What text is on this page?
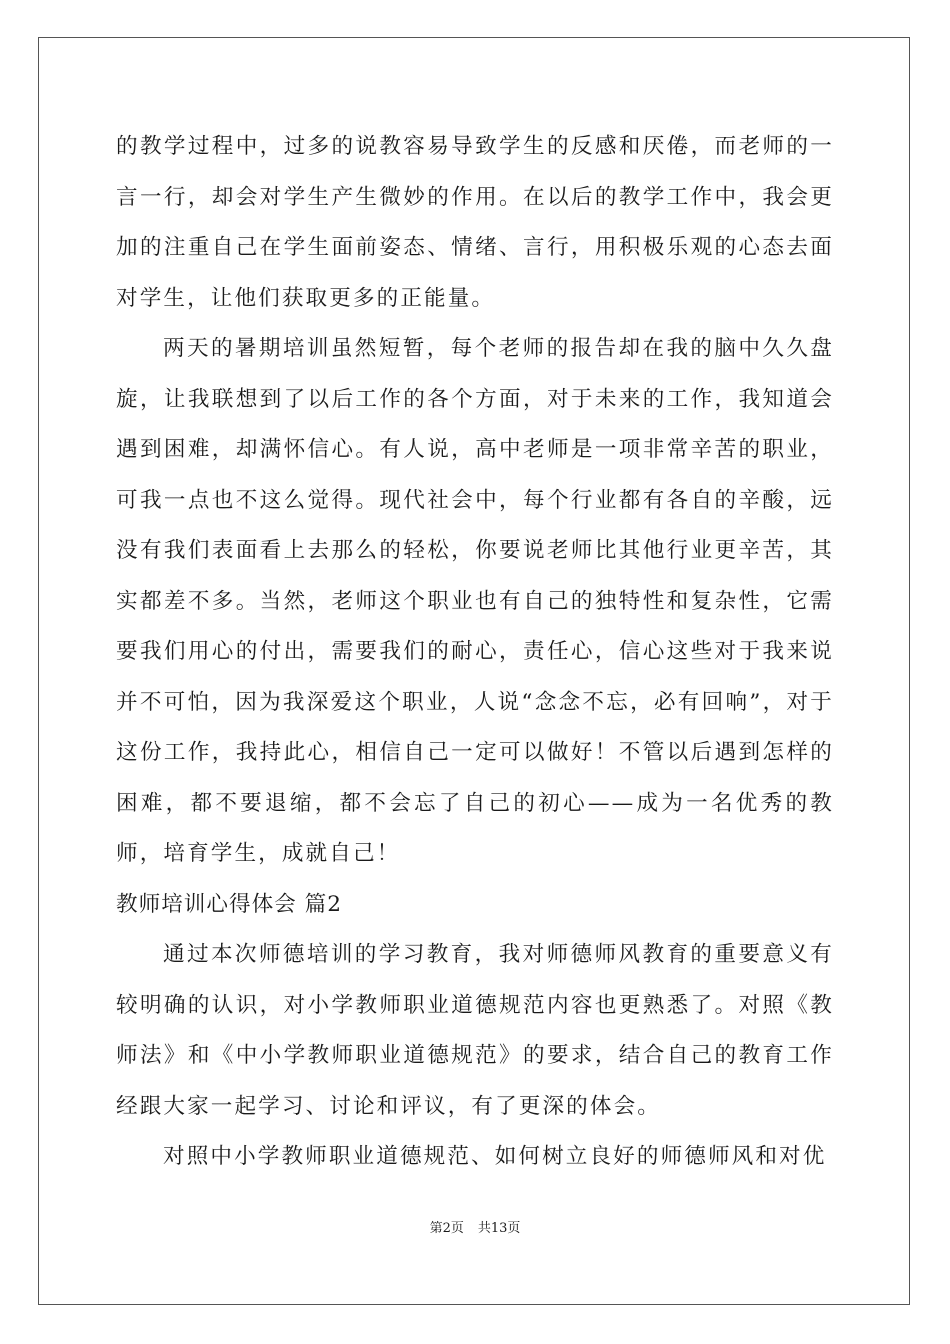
的教学过程中，过多的说教容易导致学生的反感和厌倦，而老师的一言一行，却会对学生产生微妙的作用。在以后的教学工作中，我会更加的注重自己在学生面前姿态、情绪、言行，用积极乐观的心态去面对学生，让他们获取更多的正能量。

两天的暑期培训虽然短暂，每个老师的报告却在我的脑中久久盘旋，让我联想到了以后工作的各个方面，对于未来的工作，我知道会遇到困难，却满怀信心。有人说，高中老师是一项非常辛苦的职业，可我一点也不这么觉得。现代社会中，每个行业都有各自的辛酸，远没有我们表面看上去那么的轻松，你要说老师比其他行业更辛苦，其实都差不多。当然，老师这个职业也有自己的独特性和复杂性，它需要我们用心的付出，需要我们的耐心，责任心，信心这些对于我来说并不可怕，因为我深爱这个职业，人说“念念不忘，必有回响”，对于这份工作，我持此心，相信自己一定可以做好！不管以后遇到怎样的困难，都不要退缩，都不会忘了自己的初心——成为一名优秀的教师，培育学生，成就自己！

教师培训心得体会 篇2

通过本次师德培训的学习教育，我对师德师风教育的重要意义有较明确的认识，对小学教师职业道德规范内容也更熟悉了。对照《教师法》和《中小学教师职业道德规范》的要求，结合自己的教育工作经跟大家一起学习、讨论和评议，有了更深的体会。

对照中小学教师职业道德规范、如何树立良好的师德师风和对优

第2页 共13页
